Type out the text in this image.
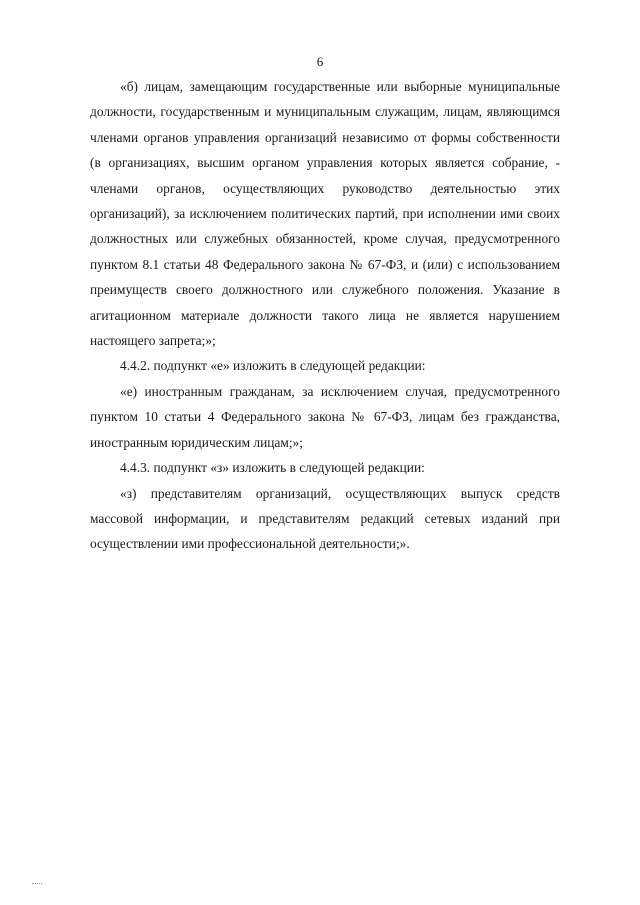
6

«б) лицам, замещающим государственные или выборные муниципальные должности, государственным и муниципальным служащим, лицам, являющимся членами органов управления организаций независимо от формы собственности (в организациях, высшим органом управления которых является собрание, - членами органов, осуществляющих руководство деятельностью этих организаций), за исключением политических партий, при исполнении ими своих должностных или служебных обязанностей, кроме случая, предусмотренного пунктом 8.1 статьи 48 Федерального закона № 67-ФЗ, и (или) с использованием преимуществ своего должностного или служебного положения. Указание в агитационном материале должности такого лица не является нарушением настоящего запрета;»;

4.4.2. подпункт «е» изложить в следующей редакции:

«е) иностранным гражданам, за исключением случая, предусмотренного пунктом 10 статьи 4 Федерального закона № 67-ФЗ, лицам без гражданства, иностранным юридическим лицам;»;

4.4.3. подпункт «з» изложить в следующей редакции:

«з) представителям организаций, осуществляющих выпуск средств массовой информации, и представителям редакций сетевых изданий при осуществлении ими профессиональной деятельности;».
